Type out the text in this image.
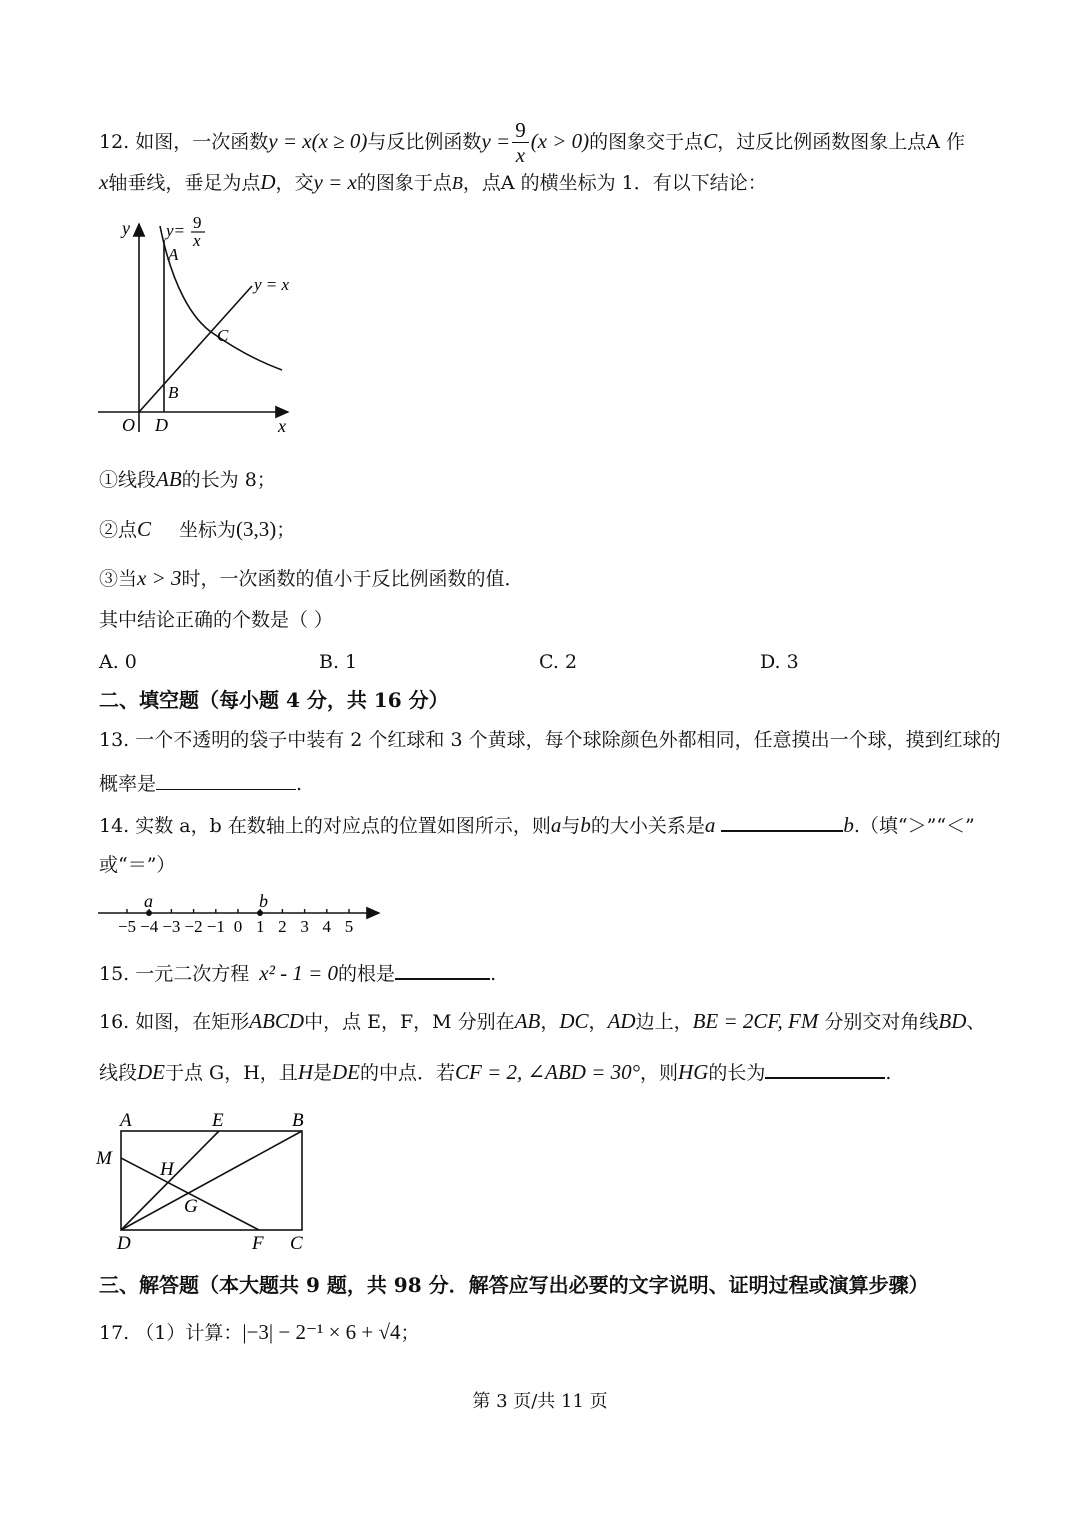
12. 如图，一次函数y = x(x ≥ 0)与反比例函数$y = \frac{9}{x} (x > 0)$的图象交于点C，过反比例函数图象上点A 作
x轴垂线，垂足为点D，交y = x的图象于点B，点A 的横坐标为 1．有以下结论：
y y= 9
x
A
y = x
C
B
O D	x
①线段AB的长为 8；
②点C 坐标为(3,3)；
③当x > 3时，一次函数的值小于反比例函数的值．
其中结论正确的个数是（ ）
A. 0	B. 1	C. 2	D. 3
二、填空题（每小题 4 分，共 16 分）
13. 一个不透明的袋子中装有 2 个红球和 3 个黄球，每个球除颜色外都相同，任意摸出一个球，摸到红球的
概率是	.
14. 实数 a，b 在数轴上的对应点的位置如图所示，则a与b的大小关系是a	b.（填“＞”“＜”
或“＝”）
−5 −4 −3 −2 −1 0 1 2 3 4 5
a	b
15. 一元二次方程 x² - 1 = 0的根是	.
16. 如图，在矩形ABCD中，点 E，F，M 分别在AB，DC，AD边上，BE = 2CF, FM 分别交对角线BD、
线段DE于点 G，H，且H是DE的中点．若CF = 2, ∠ABD = 30°，则HG的长为	.
A	E	B
M
H
G
D	F C
三、解答题（本大题共 9 题，共 98 分．解答应写出必要的文字说明、证明过程或演算步骤）
17. （1）计算：|−3| − 2⁻¹ × 6 + √4；
第 3 页/共 11 页
